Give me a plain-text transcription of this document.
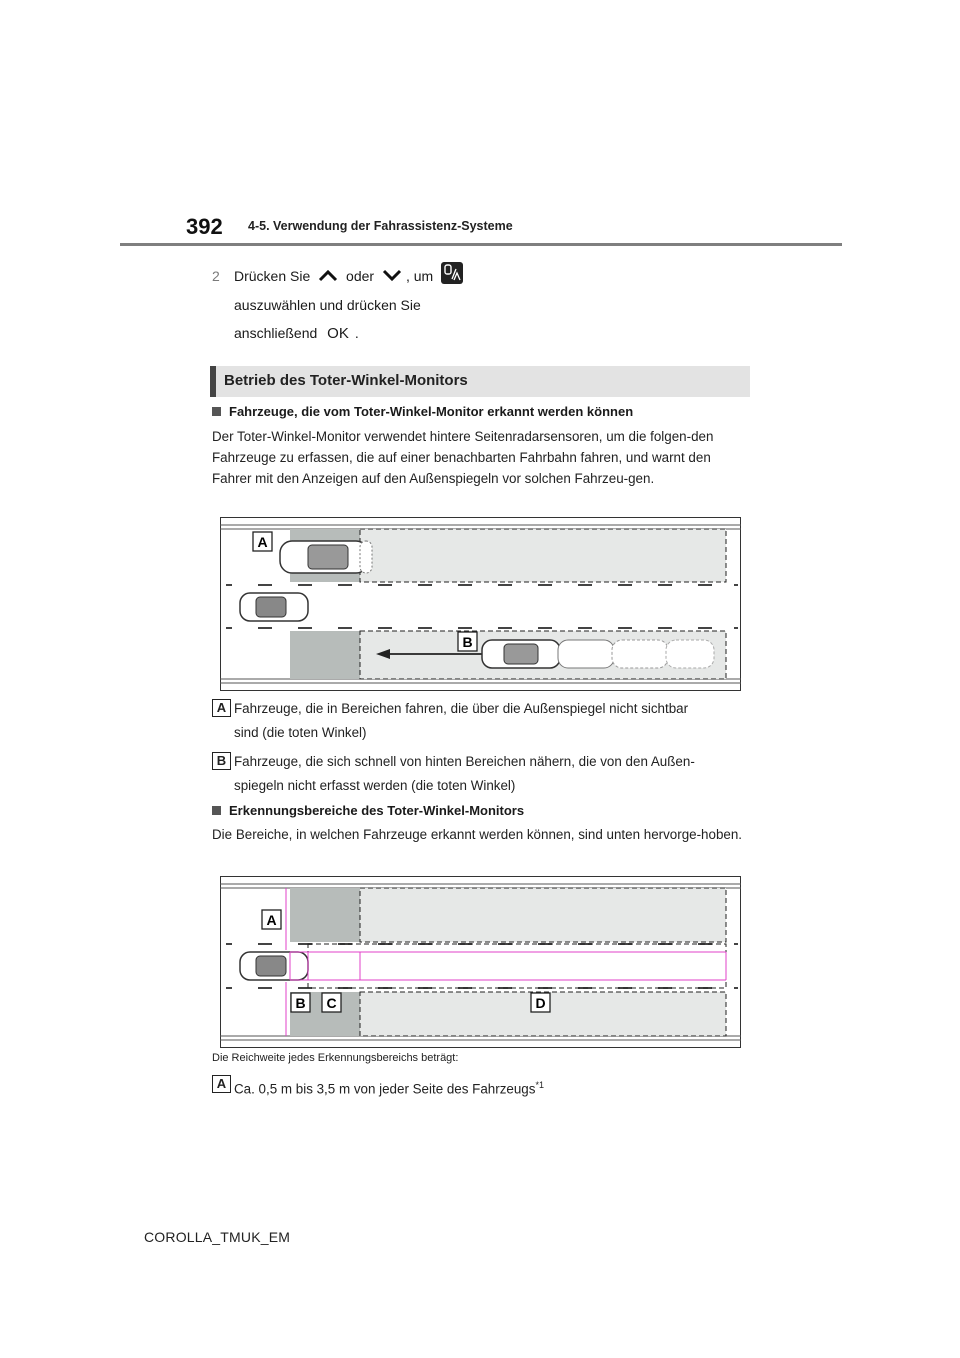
392 4-5. Verwendung der Fahrassistenz-Systeme
2 Drücken Sie	oder , um
auszuwählen und drücken Sie
anschließend OK .
Betrieb des Toter-Winkel-Monitors
Fahrzeuge, die vom Toter-Winkel-Monitor erkannt werden können
Der Toter-Winkel-Monitor verwendet hintere Seitenradarsensoren, um die folgen-den Fahrzeuge zu erfassen, die auf einer benachbarten Fahrbahn fahren, und warnt den Fahrer mit den Anzeigen auf den Außenspiegeln vor solchen Fahrzeu-gen.
A
B
A Fahrzeuge, die in Bereichen fahren, die über die Außenspiegel nicht sichtbar
sind (die toten Winkel)
B Fahrzeuge, die sich schnell von hinten Bereichen nähern, die von den Außen-
spiegeln nicht erfasst werden (die toten Winkel)
Erkennungsbereiche des Toter-Winkel-Monitors
Die Bereiche, in welchen Fahrzeuge erkannt werden können, sind unten hervorge-hoben.
A
B C	D
Die Reichweite jedes Erkennungsbereichs beträgt:
A Ca. 0,5 m bis 3,5 m von jeder Seite des Fahrzeugs$^{*1}$
COROLLA_TMUK_EM
